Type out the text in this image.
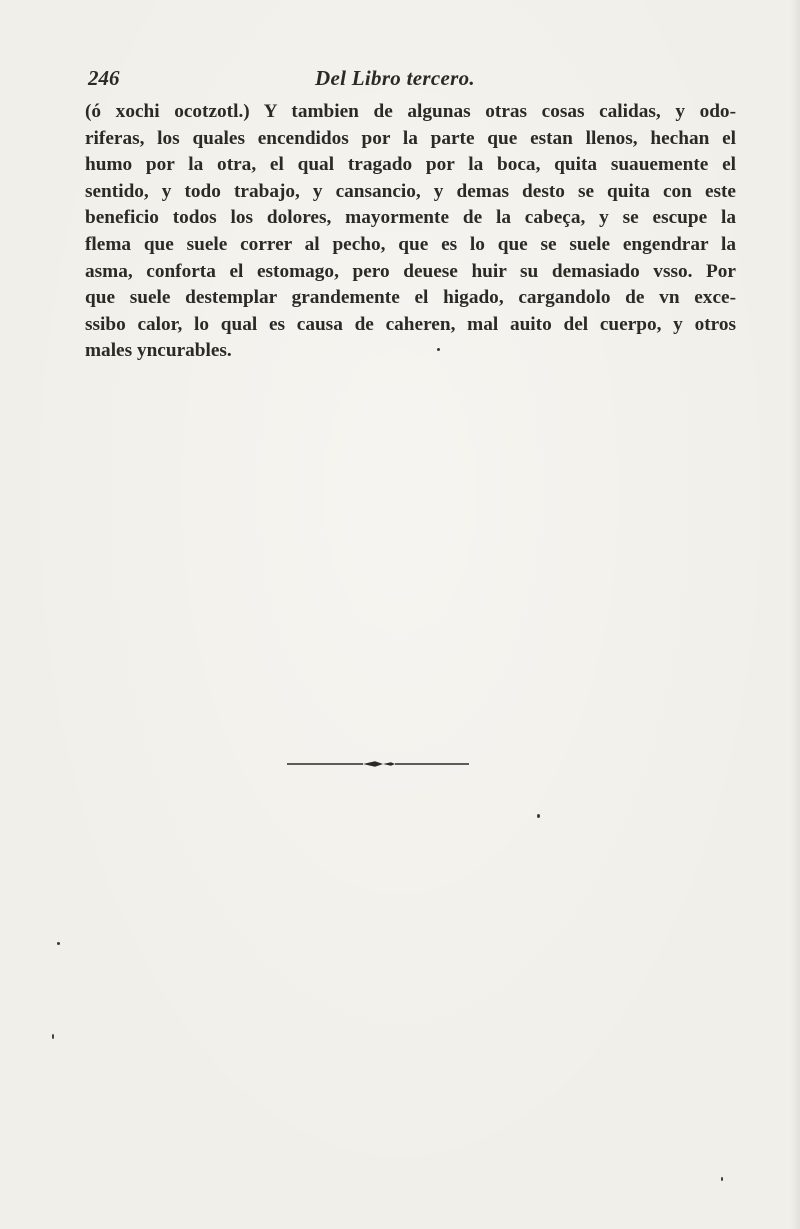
246	Del Libro tercero.
(ó xochi ocotzotl.) Y tambien de algunas otras cosas calidas, y odo-
riferas, los quales encendidos por la parte que estan llenos, hechan el
humo por la otra, el qual tragado por la boca, quita suauemente el
sentido, y todo trabajo, y cansancio, y demas desto se quita con este
beneficio todos los dolores, mayormente de la cabeça, y se escupe la
flema que suele correr al pecho, que es lo que se suele engendrar la
asma, conforta el estomago, pero deuese huir su demasiado vsso. Por
que suele destemplar grandemente el higado, cargandolo de vn exce-
ssibo calor, lo qual es causa de caheren, mal auito del cuerpo, y otros
males yncurables.
